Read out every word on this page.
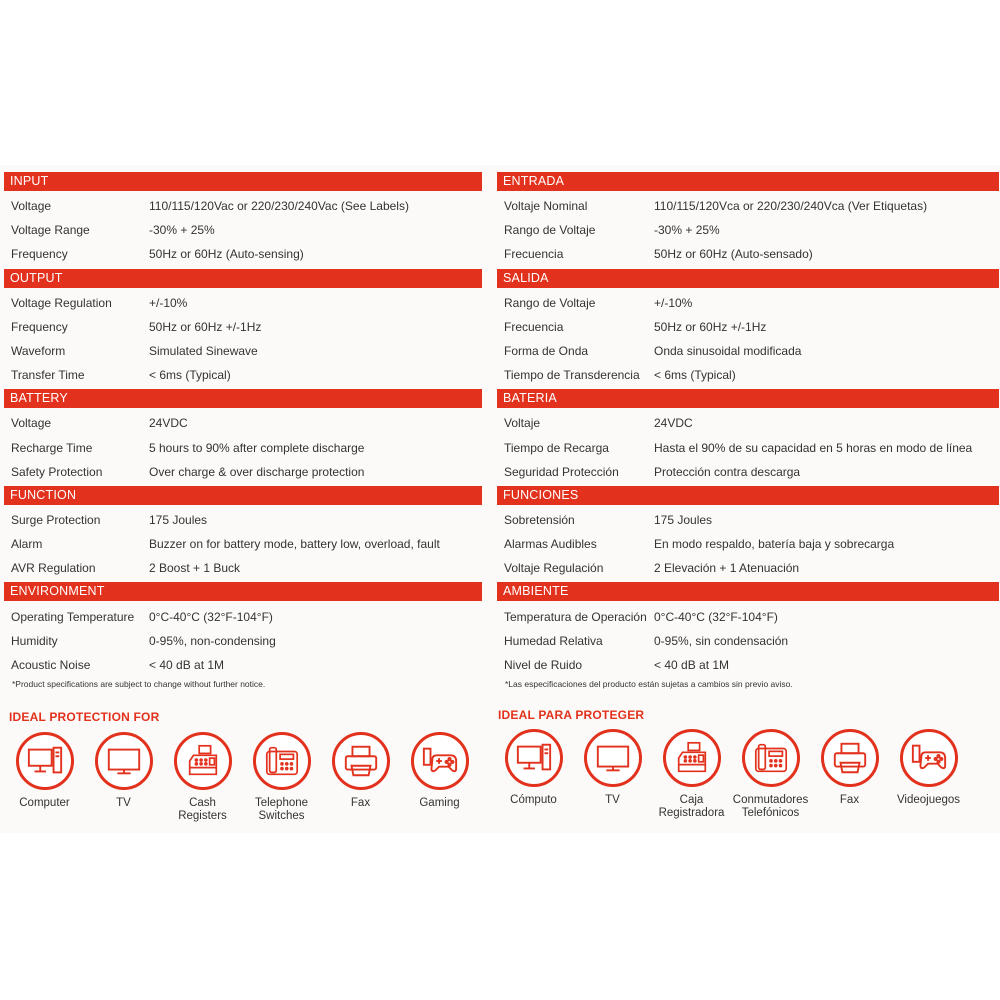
INPUT
Voltage	110/115/120Vac or 220/230/240Vac (See Labels)
Voltage Range	-30% + 25%
Frequency	50Hz or 60Hz (Auto-sensing)
OUTPUT
Voltage Regulation	+/-10%
Frequency	50Hz or 60Hz +/-1Hz
Waveform	Simulated Sinewave
Transfer Time	< 6ms (Typical)
BATTERY
Voltage	24VDC
Recharge Time	5 hours to 90% after complete discharge
Safety Protection	Over charge & over discharge protection
FUNCTION
Surge Protection	175 Joules
Alarm	Buzzer on for battery mode, battery low, overload, fault
AVR Regulation	2 Boost + 1 Buck
ENVIRONMENT
Operating Temperature	0°C-40°C (32°F-104°F)
Humidity	0-95%, non-condensing
Acoustic Noise	< 40 dB at 1M
*Product specifications are subject to change without further notice.
ENTRADA
Voltaje Nominal	110/115/120Vca or 220/230/240Vca (Ver Etiquetas)
Rango de Voltaje	-30% + 25%
Frecuencia	50Hz or 60Hz (Auto-sensado)
SALIDA
Rango de Voltaje	+/-10%
Frecuencia	50Hz or 60Hz +/-1Hz
Forma de Onda	Onda sinusoidal modificada
Tiempo de Transderencia	< 6ms (Typical)
BATERIA
Voltaje	24VDC
Tiempo de Recarga	Hasta el 90% de su capacidad en 5 horas en modo de línea
Seguridad Protección	Protección contra descarga
FUNCIONES
Sobretensión	175 Joules
Alarmas Audibles	En modo respaldo, batería baja y sobrecarga
Voltaje Regulación	2 Elevación + 1 Atenuación
AMBIENTE
Temperatura de Operación 0°C-40°C (32°F-104°F)
Humedad Relativa	0-95%, sin condensación
Nivel de Ruido	< 40 dB at 1M
*Las especificaciones del producto están sujetas a cambios sin previo aviso.
IDEAL PROTECTION FOR	IDEAL PARA PROTEGER
Computer	TV	Cash
Registers
Telephone
Switches
Fax	Gaming	Cómputo	TV	Caja
Registradora
Conmutadores
Telefónicos
Fax	Videojuegos
